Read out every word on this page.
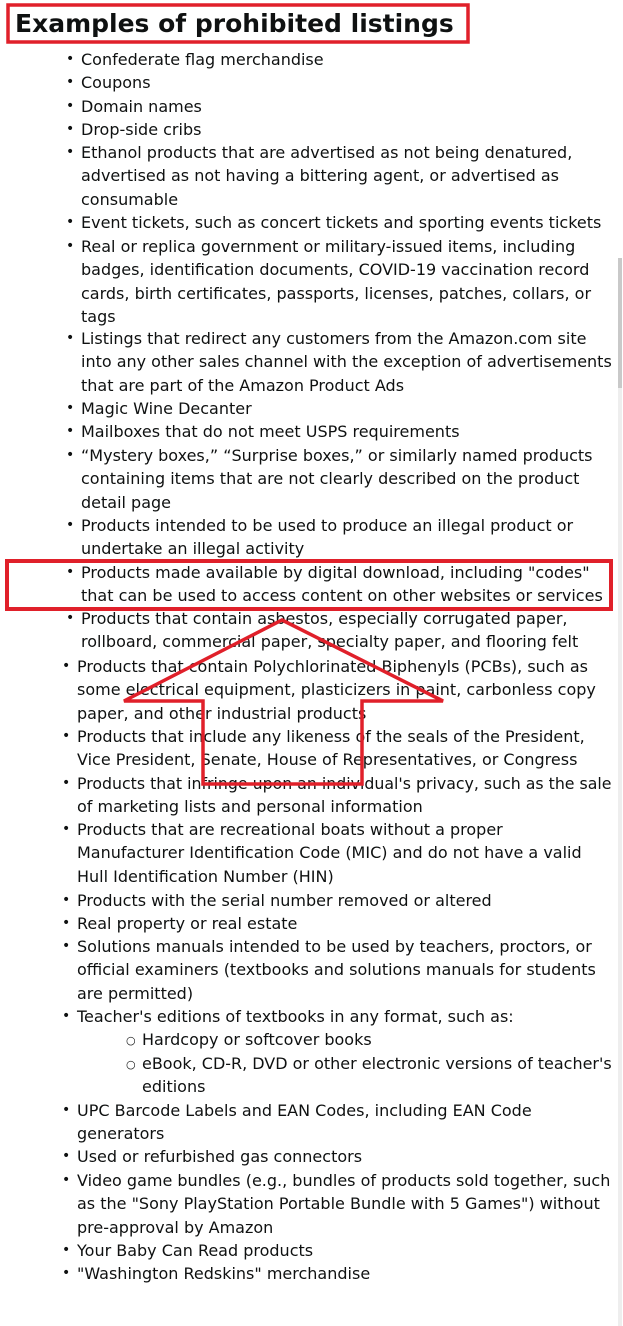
Examples of prohibited listings
• Confederate flag merchandise
• Coupons
• Domain names
• Drop-side cribs
• Ethanol products that are advertised as not being denatured,
advertised as not having a bittering agent, or advertised as
consumable
• Event tickets, such as concert tickets and sporting events tickets
• Real or replica government or military-issued items, including
badges, identification documents, COVID-19 vaccination record
cards, birth certificates, passports, licenses, patches, collars, or
tags
• Listings that redirect any customers from the Amazon.com site
into any other sales channel with the exception of advertisements
that are part of the Amazon Product Ads
• Magic Wine Decanter
• Mailboxes that do not meet USPS requirements
• “Mystery boxes,” “Surprise boxes,” or similarly named products
containing items that are not clearly described on the product
detail page
• Products intended to be used to produce an illegal product or
undertake an illegal activity
• Products made available by digital download, including "codes"
that can be used to access content on other websites or services
• Products that contain asbestos, especially corrugated paper,
rollboard, commercial paper, specialty paper, and flooring felt
• Products that contain Polychlorinated Biphenyls (PCBs), such as
some electrical equipment, plasticizers in paint, carbonless copy
paper, and other industrial products
• Products that include any likeness of the seals of the President,
Vice President, Senate, House of Representatives, or Congress
• Products that infringe upon an individual's privacy, such as the sale
of marketing lists and personal information
• Products that are recreational boats without a proper
Manufacturer Identification Code (MIC) and do not have a valid
Hull Identification Number (HIN)
• Products with the serial number removed or altered
• Real property or real estate
• Solutions manuals intended to be used by teachers, proctors, or
official examiners (textbooks and solutions manuals for students
are permitted)
• Teacher's editions of textbooks in any format, such as:
○ Hardcopy or softcover books
○ eBook, CD-R, DVD or other electronic versions of teacher's
editions
• UPC Barcode Labels and EAN Codes, including EAN Code
generators
• Used or refurbished gas connectors
• Video game bundles (e.g., bundles of products sold together, such
as the "Sony PlayStation Portable Bundle with 5 Games") without
pre-approval by Amazon
• Your Baby Can Read products
• "Washington Redskins" merchandise
